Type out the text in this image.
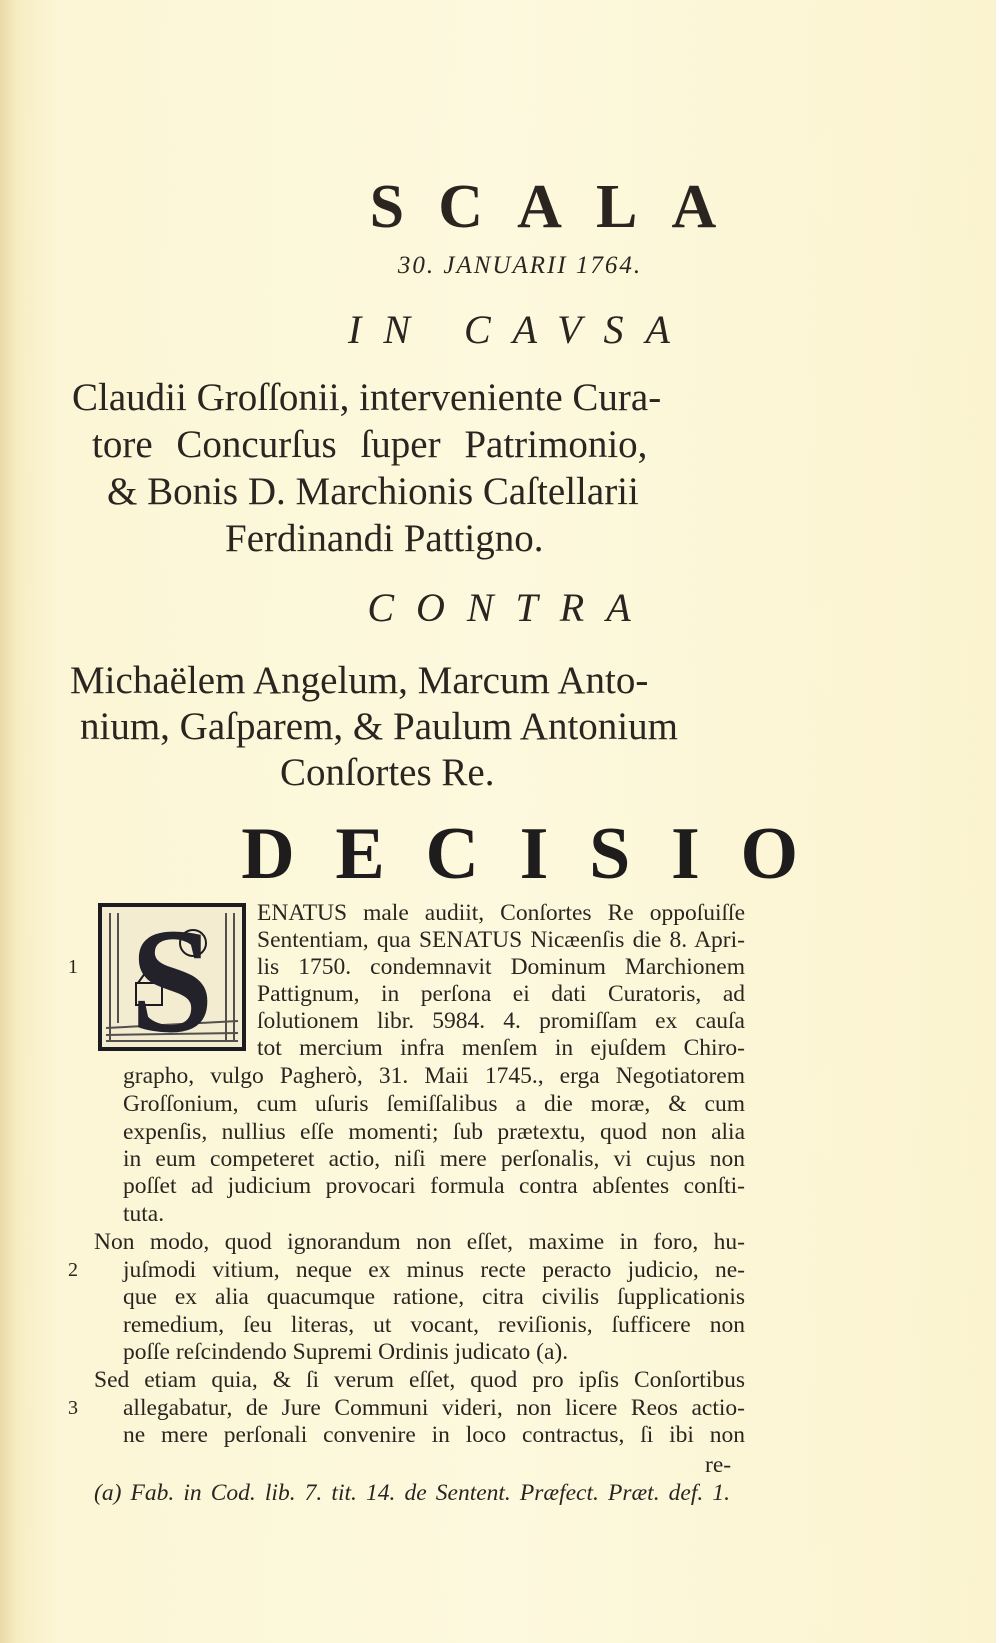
SCALA
30. JANUARII 1764.
IN CAVSA
Claudii Groſſonii, interveniente Cura-
tore Concurſus ſuper Patrimonio,
& Bonis D. Marchionis Caſtellarii
Ferdinandi Pattigno.
CONTRA
Michaëlem Angelum, Marcum Anto-
nium, Gaſparem, & Paulum Antonium
Conſortes Re.
DECISIO
S
1
ENATUS male audiit, Conſortes Re oppoſuiſſe
Sententiam, qua SENATUS Nicæenſis die 8. Apri-
lis 1750. condemnavit Dominum Marchionem
Pattignum, in perſona ei dati Curatoris, ad
ſolutionem libr. 5984. 4. promiſſam ex cauſa
tot mercium infra menſem in ejuſdem Chiro-
grapho, vulgo Pagherò, 31. Maii 1745., erga Negotiatorem
Groſſonium, cum uſuris ſemiſſalibus a die moræ, & cum
expenſis, nullius eſſe momenti; ſub prætextu, quod non alia
in eum competeret actio, niſi mere perſonalis, vi cujus non
poſſet ad judicium provocari formula contra abſentes conſti-
tuta.
2
Non modo, quod ignorandum non eſſet, maxime in foro, hu-
juſmodi vitium, neque ex minus recte peracto judicio, ne-
que ex alia quacumque ratione, citra civilis ſupplicationis
remedium, ſeu literas, ut vocant, reviſionis, ſufficere non
poſſe reſcindendo Supremi Ordinis judicato (a).
3
Sed etiam quia, & ſi verum eſſet, quod pro ipſis Conſortibus
allegabatur, de Jure Communi videri, non licere Reos actio-
ne mere perſonali convenire in loco contractus, ſi ibi non
re-
(a) Fab. in Cod. lib. 7. tit. 14. de Sentent. Præfect. Præt. def. 1.
